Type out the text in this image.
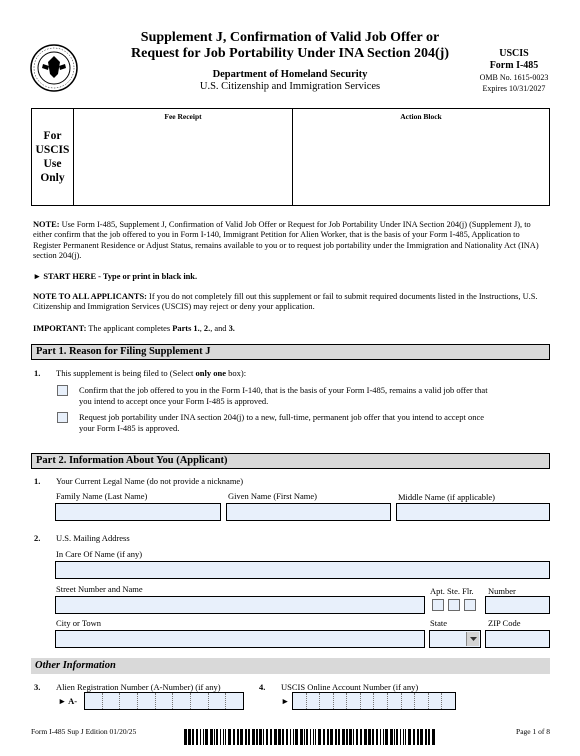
Supplement J, Confirmation of Valid Job Offer or
Request for Job Portability Under INA Section 204(j)
Department of Homeland Security
U.S. Citizenship and Immigration Services
USCIS
Form I-485
OMB No. 1615-0023
Expires 10/31/2027
For
USCIS
Use
Only
Fee Receipt	Action Block
NOTE: Use Form I-485, Supplement J, Confirmation of Valid Job Offer or Request for Job Portability Under INA Section 204(j) (Supplement J), to either confirm that the job offered to you in Form I-140, Immigrant Petition for Alien Worker, that is the basis of your Form I-485, Application to Register Permanent Residence or Adjust Status, remains available to you or to request job portability under the Immigration and Nationality Act (INA) section 204(j).
► START HERE - Type or print in black ink.
NOTE TO ALL APPLICANTS: If you do not completely fill out this supplement or fail to submit required documents listed in the Instructions, U.S. Citizenship and Immigration Services (USCIS) may reject or deny your application.
IMPORTANT: The applicant completes Parts 1., 2., and 3.
Part 1. Reason for Filing Supplement J
1. This supplement is being filed to (Select only one box):
Confirm that the job offered to you in the Form I-140, that is the basis of your Form I-485, remains a valid job offer that
you intend to accept once your Form I-485 is approved.
Request job portability under INA section 204(j) to a new, full-time, permanent job offer that you intend to accept once
your Form I-485 is approved.
Part 2. Information About You (Applicant)
1. Your Current Legal Name (do not provide a nickname)
Family Name (Last Name)	Given Name (First Name)	Middle Name (if applicable)
2. U.S. Mailing Address
In Care Of Name (if any)
Street Number and Name	Apt. Ste. Flr. Number
City or Town	State	ZIP Code
Other Information
3. Alien Registration Number (A-Number) (if any)
► A-
4. USCIS Online Account Number (if any)
►
Form I-485 Sup J Edition 01/20/25	Page 1 of 8
